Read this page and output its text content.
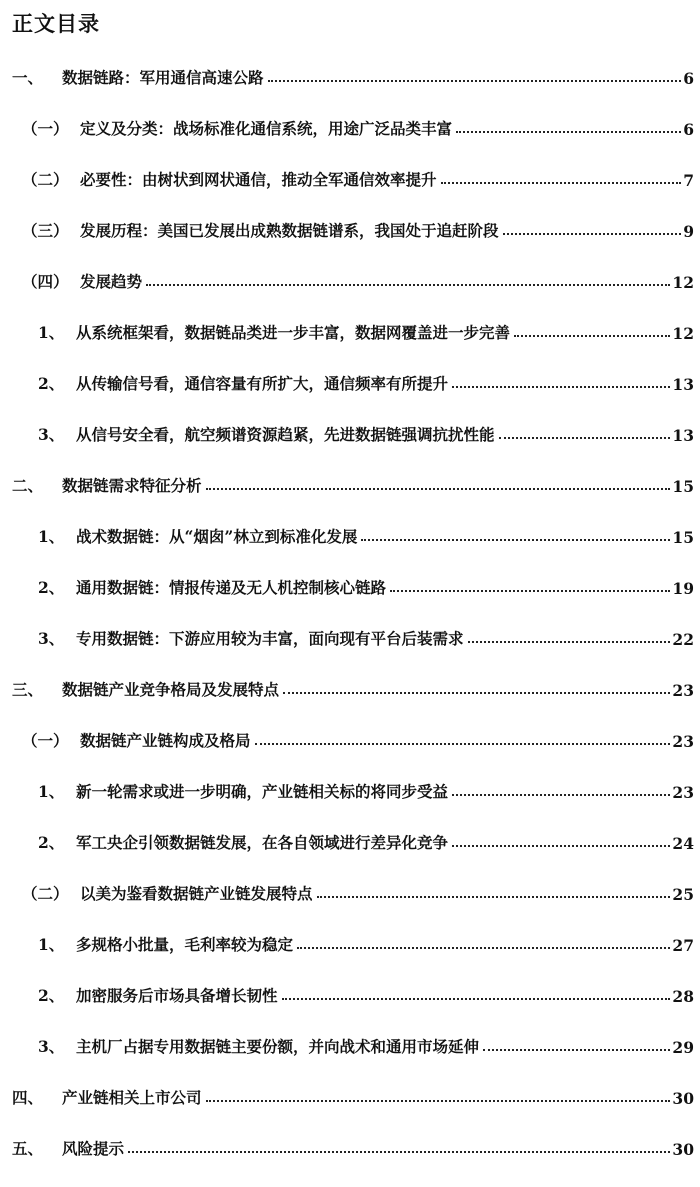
正文目录
一、	数据链路：军用通信高速公路	6
（一） 定义及分类：战场标准化通信系统，用途广泛品类丰富	6
（二） 必要性：由树状到网状通信，推动全军通信效率提升	7
（三） 发展历程：美国已发展出成熟数据链谱系，我国处于追赶阶段	9
（四） 发展趋势	12
1、 从系统框架看，数据链品类进一步丰富，数据网覆盖进一步完善	12
2、 从传输信号看，通信容量有所扩大，通信频率有所提升	13
3、 从信号安全看，航空频谱资源趋紧，先进数据链强调抗扰性能	13
二、	数据链需求特征分析	15
1、 战术数据链：从“烟囱”林立到标准化发展	15
2、 通用数据链：情报传递及无人机控制核心链路	19
3、 专用数据链：下游应用较为丰富，面向现有平台后装需求	22
三、	数据链产业竞争格局及发展特点	23
（一） 数据链产业链构成及格局	23
1、 新一轮需求或进一步明确，产业链相关标的将同步受益	23
2、 军工央企引领数据链发展，在各自领域进行差异化竞争	24
（二） 以美为鉴看数据链产业链发展特点	25
1、 多规格小批量，毛利率较为稳定	27
2、 加密服务后市场具备增长韧性	28
3、 主机厂占据专用数据链主要份额，并向战术和通用市场延伸	29
四、	产业链相关上市公司	30
五、	风险提示	30
